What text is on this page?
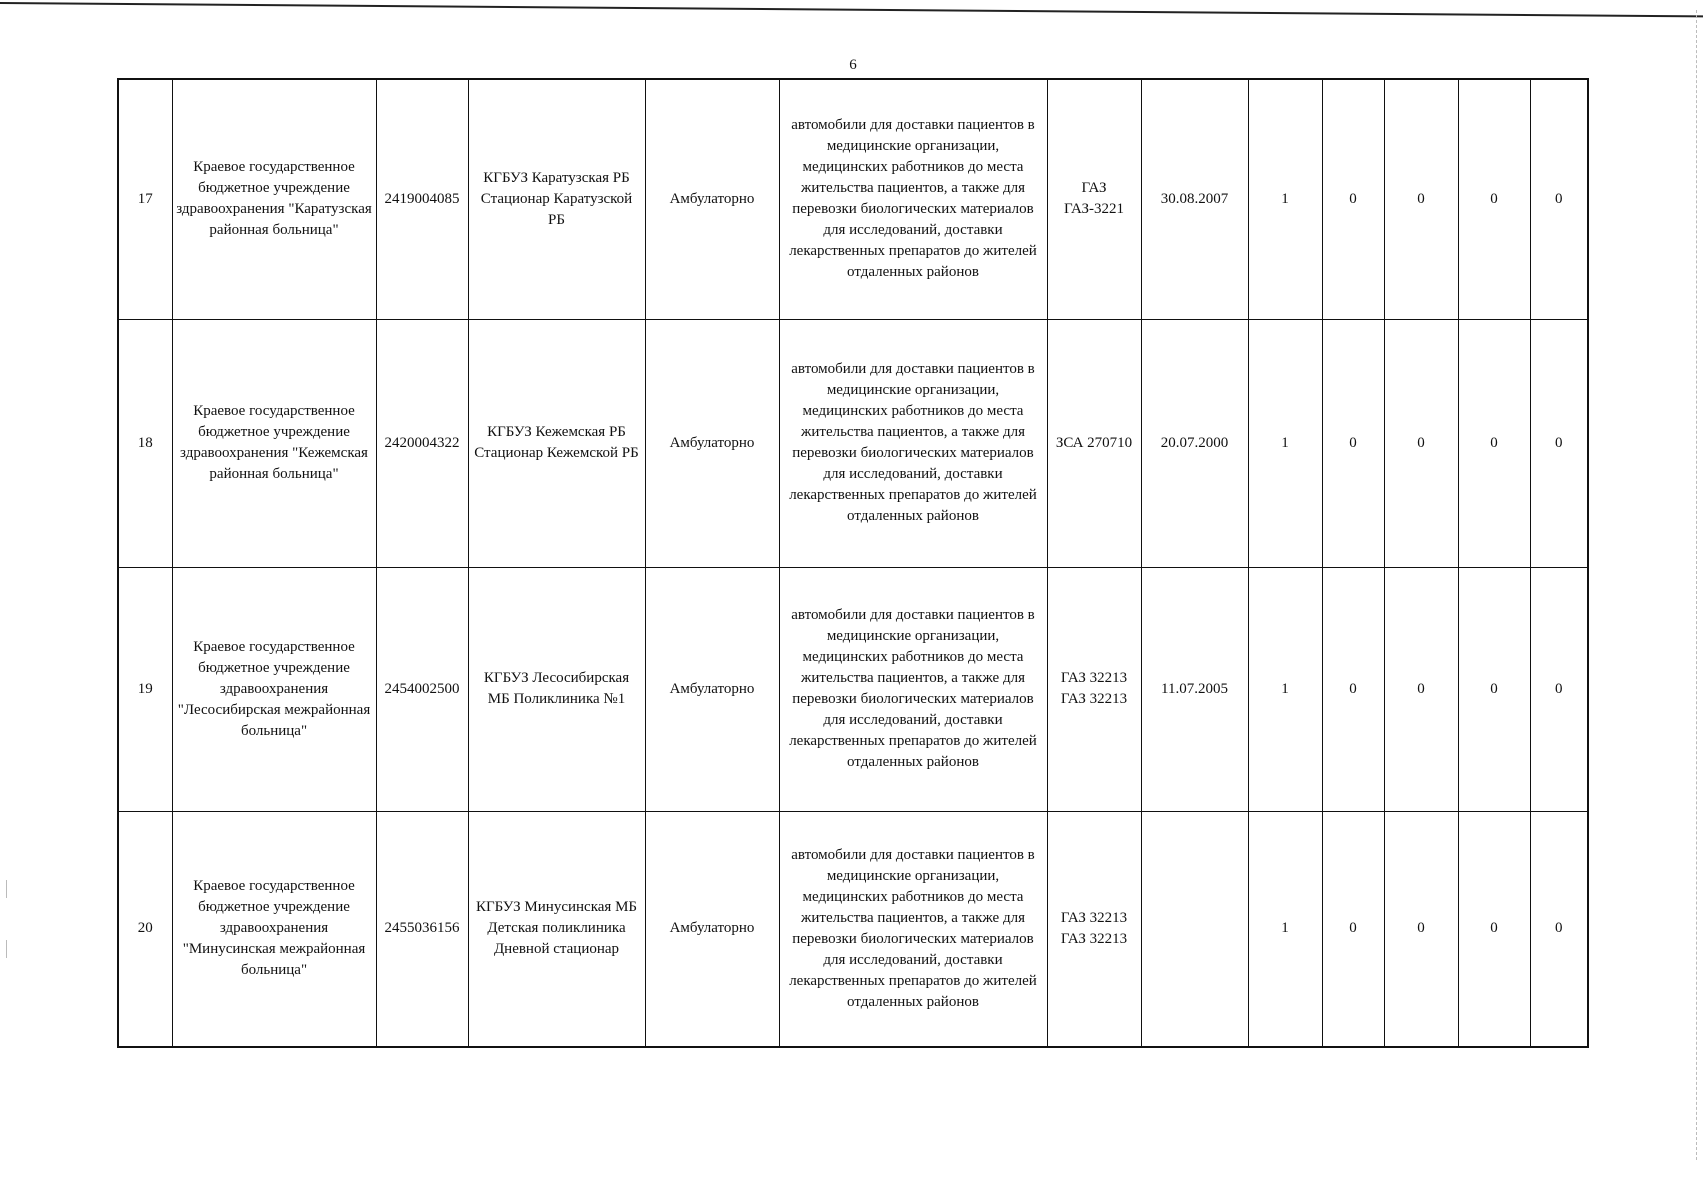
6
17	Краевое государственное бюджетное учреждение здравоохранения "Каратузская районная больница"	2419004085	КГБУЗ Каратузская РБ Стационар Каратузской РБ	Амбулаторно	автомобили для доставки пациентов в медицинские организации, медицинских работников до места жительства пациентов, а также для перевозки биологических материалов для исследований, доставки лекарственных препаратов до жителей отдаленных районов	ГАЗ ГАЗ-3221	30.08.2007	1	0	0	0	0
18	Краевое государственное бюджетное учреждение здравоохранения "Кежемская районная больница"	2420004322	КГБУЗ Кежемская РБ Стационар Кежемской РБ	Амбулаторно	автомобили для доставки пациентов в медицинские организации, медицинских работников до места жительства пациентов, а также для перевозки биологических материалов для исследований, доставки лекарственных препаратов до жителей отдаленных районов	ЗСА 270710	20.07.2000	1	0	0	0	0
19	Краевое государственное бюджетное учреждение здравоохранения "Лесосибирская межрайонная больница"	2454002500	КГБУЗ Лесосибирская МБ Поликлиника №1	Амбулаторно	автомобили для доставки пациентов в медицинские организации, медицинских работников до места жительства пациентов, а также для перевозки биологических материалов для исследований, доставки лекарственных препаратов до жителей отдаленных районов	ГАЗ 32213 ГАЗ 32213	11.07.2005	1	0	0	0	0
20	Краевое государственное бюджетное учреждение здравоохранения "Минусинская межрайонная больница"	2455036156	КГБУЗ Минусинская МБ Детская поликлиника Дневной стационар	Амбулаторно	автомобили для доставки пациентов в медицинские организации, медицинских работников до места жительства пациентов, а также для перевозки биологических материалов для исследований, доставки лекарственных препаратов до жителей отдаленных районов	ГАЗ 32213 ГАЗ 32213		1	0	0	0	0
